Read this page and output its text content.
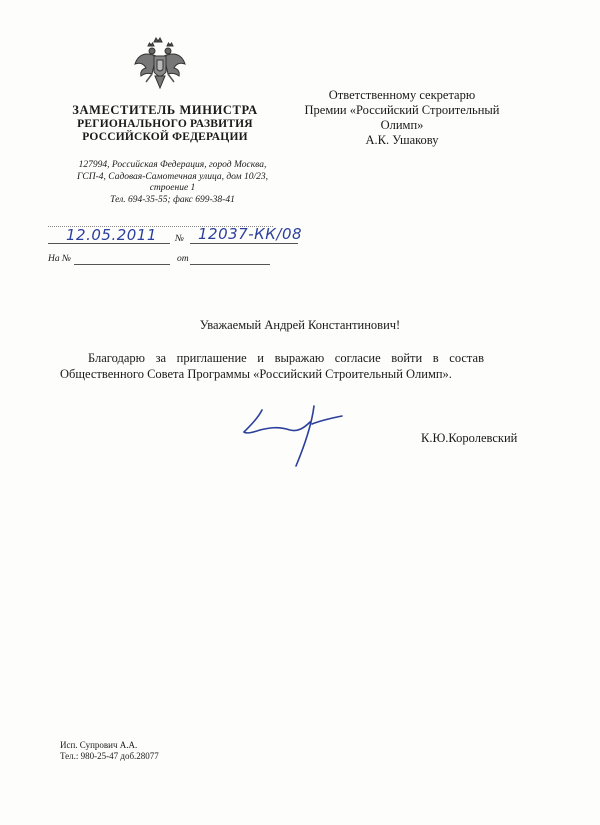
ЗАМЕСТИТЕЛЬ МИНИСТРА
РЕГИОНАЛЬНОГО РАЗВИТИЯ
РОССИЙСКОЙ ФЕДЕРАЦИИ
127994, Российская Федерация, город Москва,
ГСП-4, Садовая-Самотечная улица, дом 10/23,
строение 1
Тел. 694-35-55; факс 699-38-41
12.05.2011 № 12037-КК/08
На №	от
Ответственному секретарю
Премии «Российский Строительный
Олимп»
А.К. Ушакову
Уважаемый Андрей Константинович!
Благодарю за приглашение и выражаю согласие войти в состав Общественного Совета Программы «Российский Строительный Олимп».
К.Ю.Королевский
Исп. Супрович А.А.
Тел.: 980-25-47 доб.28077
